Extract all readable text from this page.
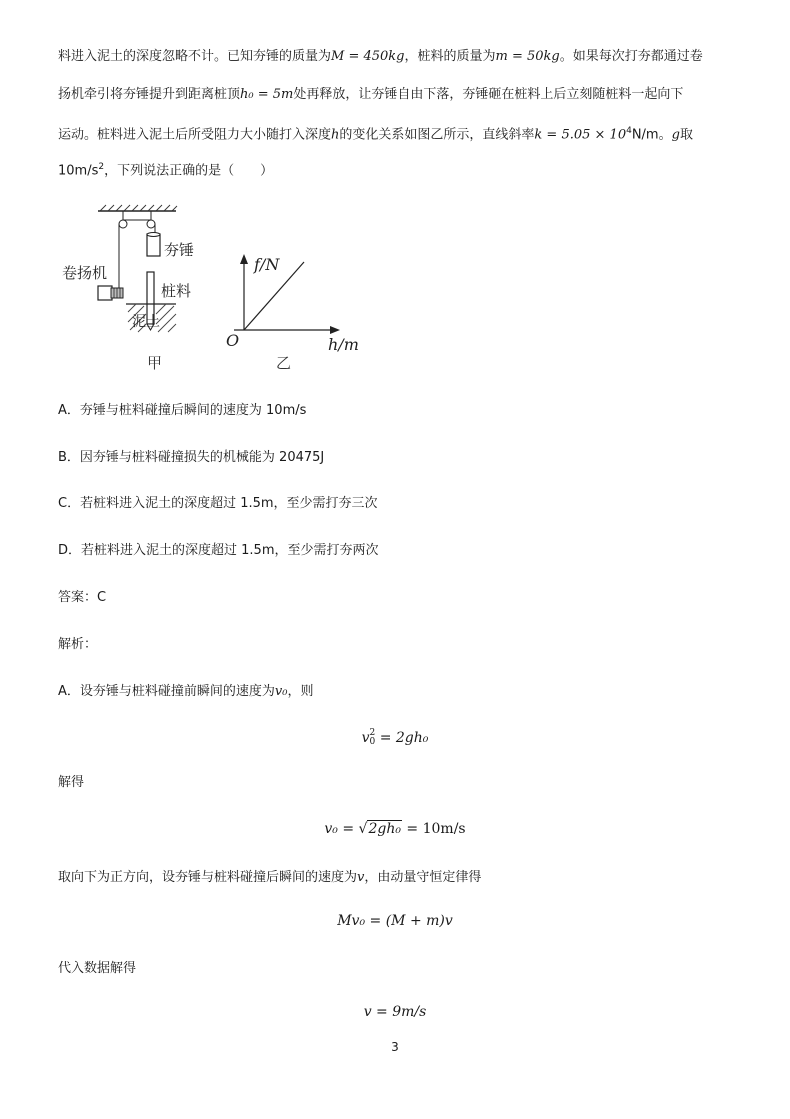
料进入泥土的深度忽略不计。已知夯锤的质量为M = 450kg，桩料的质量为m = 50kg。如果每次打夯都通过卷
扬机牵引将夯锤提升到距离桩顶h₀ = 5m处再释放，让夯锤自由下落，夯锤砸在桩料上后立刻随桩料一起向下
运动。桩料进入泥土后所受阻力大小随打入深度h的变化关系如图乙所示，直线斜率$k = 5.05 \times 10^4N/m$。g取
$10m/s^2$，下列说法正确的是（　　）
夯锤
卷扬机
桩料
泥土
甲
f/N
h/m
O
乙
A．夯锤与桩料碰撞后瞬间的速度为 10m/s
B．因夯锤与桩料碰撞损失的机械能为 20475J
C．若桩料进入泥土的深度超过 1.5m，至少需打夯三次
D．若桩料进入泥土的深度超过 1.5m，至少需打夯两次
答案：C
解析：
A．设夯锤与桩料碰撞前瞬间的速度为v₀，则
v 2
0 = 2gh₀
解得
v₀ = √2gh₀ = 10m/s
取向下为正方向，设夯锤与桩料碰撞后瞬间的速度为v，由动量守恒定律得
Mv₀ = (M + m)v
代入数据解得
v = 9m/s
3
